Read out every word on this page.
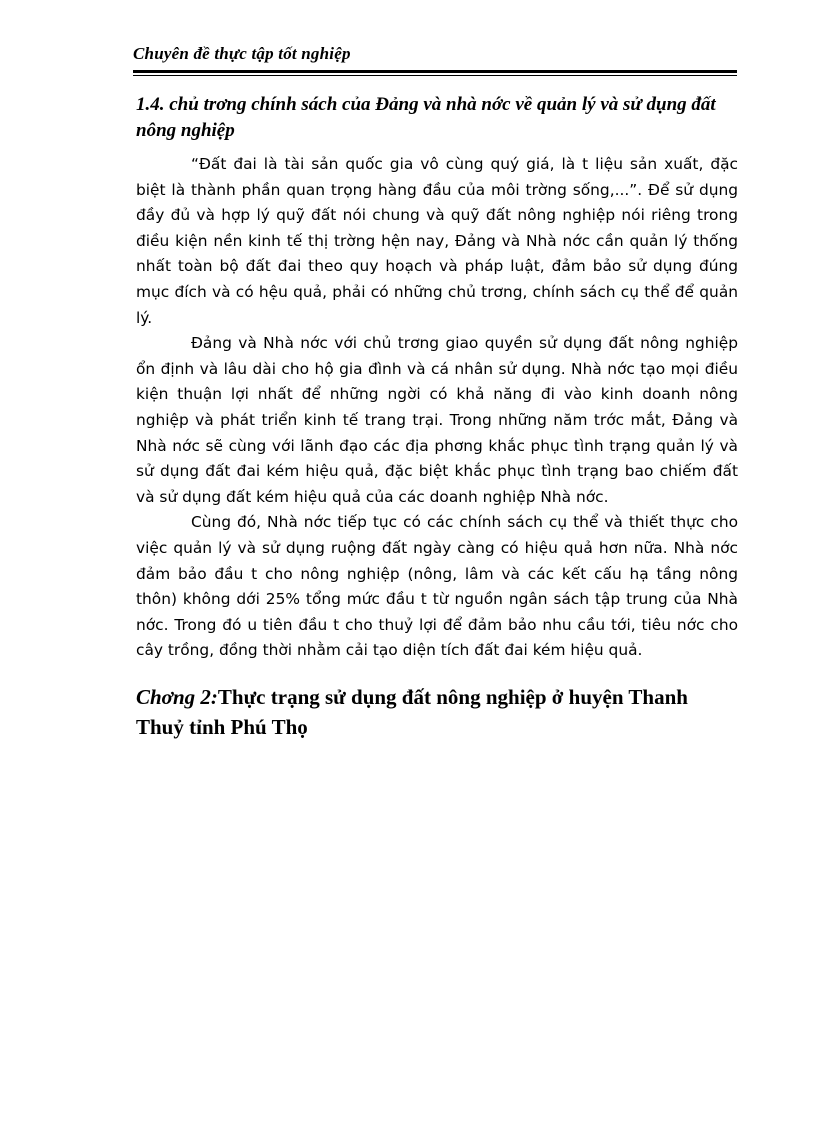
Chuyên đề thực tập tốt nghiệp
1.4. chủ trơng chính sách của Đảng và nhà nớc về quản lý và sử dụng đất nông nghiệp

“Đất đai là tài sản quốc gia vô cùng quý giá, là t liệu sản xuất, đặc biệt là thành phần quan trọng hàng đầu của môi trờng sống,...”. Để sử dụng đầy đủ và hợp lý quỹ đất nói chung và quỹ đất nông nghiệp nói riêng trong điều kiện nền kinh tế thị trờng hện nay, Đảng và Nhà nớc cần quản lý thống nhất toàn bộ đất đai theo quy hoạch và pháp luật, đảm bảo sử dụng đúng mục đích và có hệu quả, phải có những chủ trơng, chính sách cụ thể để quản lý.

Đảng và Nhà nớc với chủ trơng giao quyền sử dụng đất nông nghiệp ổn định và lâu dài cho hộ gia đình và cá nhân sử dụng. Nhà nớc tạo mọi điều kiện thuận lợi nhất để những ngời có khả năng đi vào kinh doanh nông nghiệp và phát triển kinh tế trang trại. Trong những năm trớc mắt, Đảng và Nhà nớc sẽ cùng với lãnh đạo các địa phơng khắc phục tình trạng quản lý và sử dụng đất đai kém hiệu quả, đặc biệt khắc phục tình trạng bao chiếm đất và sử dụng đất kém hiệu quả của các doanh nghiệp Nhà nớc.

Cùng đó, Nhà nớc tiếp tục có các chính sách cụ thể và thiết thực cho việc quản lý và sử dụng ruộng đất ngày càng có hiệu quả hơn nữa. Nhà nớc đảm bảo đầu t cho nông nghiệp (nông, lâm và các kết cấu hạ tầng nông thôn) không dới 25% tổng mức đầu t từ nguồn ngân sách tập trung của Nhà nớc. Trong đó u tiên đầu t cho thuỷ lợi để đảm bảo nhu cầu tới, tiêu nớc cho cây trồng, đồng thời nhằm cải tạo diện tích đất đai kém hiệu quả.

Chơng 2:Thực trạng sử dụng đất nông nghiệp ở huyện Thanh Thuỷ tỉnh Phú Thọ
